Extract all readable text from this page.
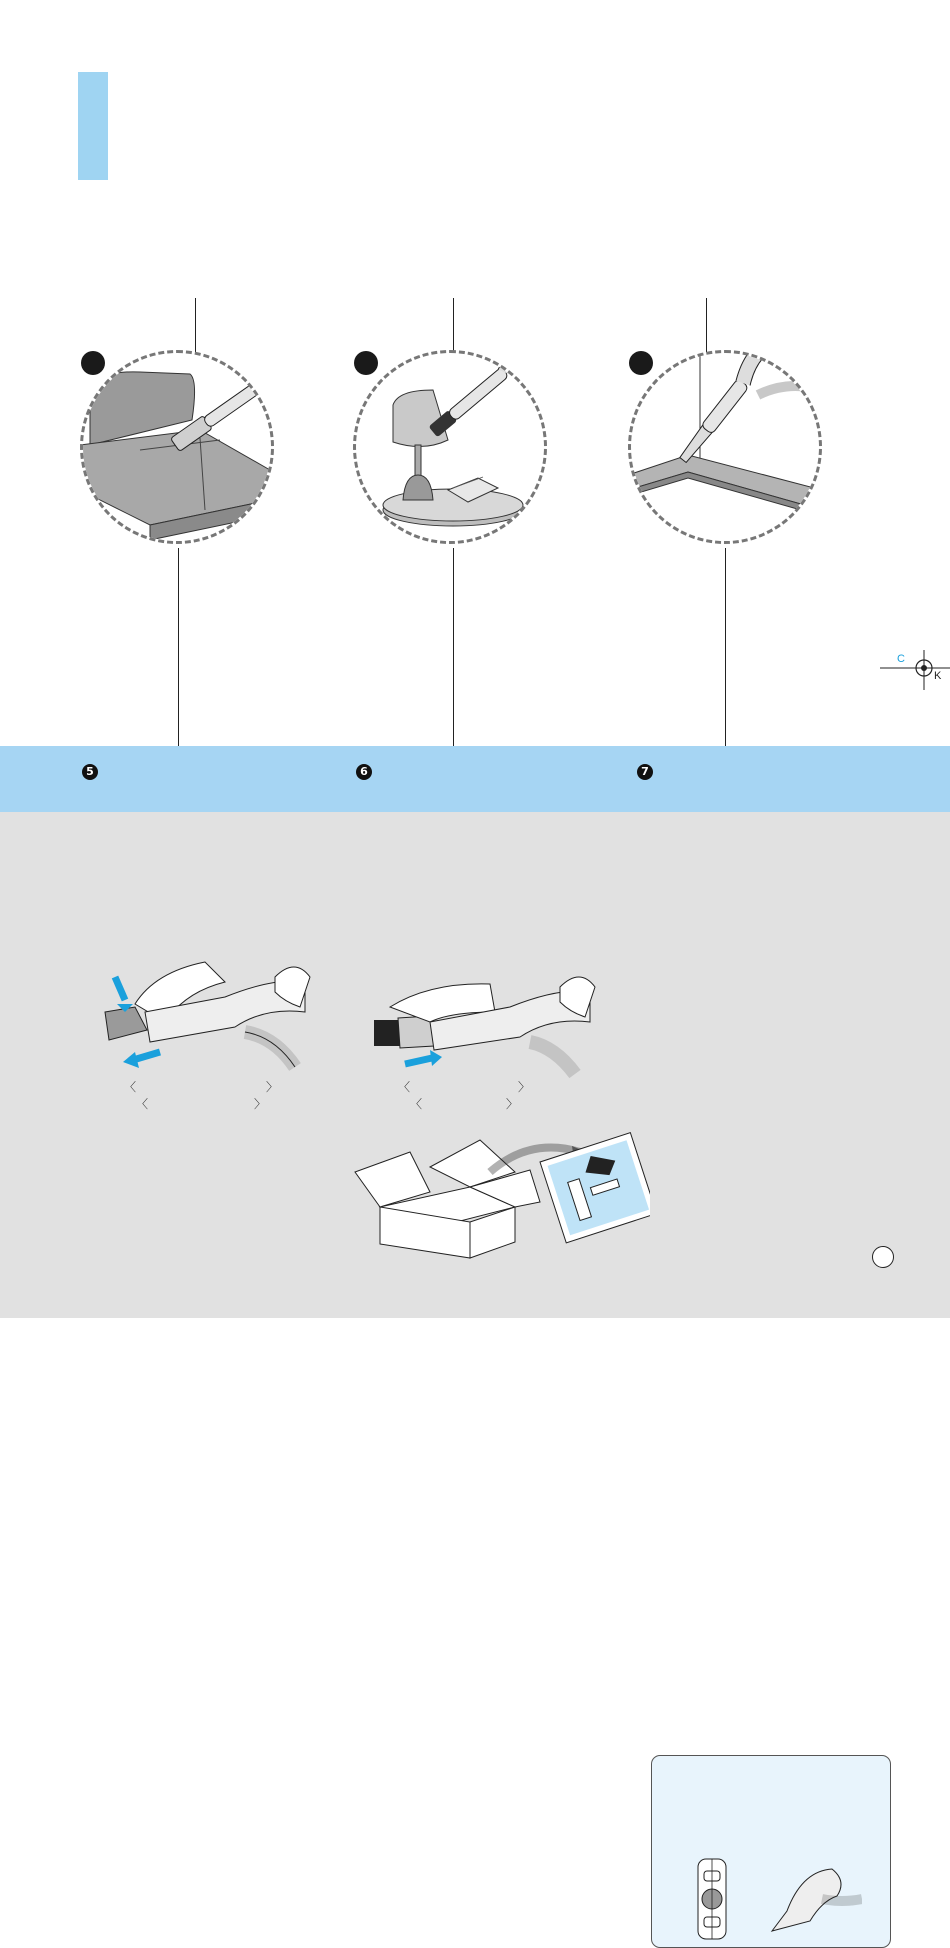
C
K
5	6	7
〈	〉
〈	〉
〈	〉
〈	〉
